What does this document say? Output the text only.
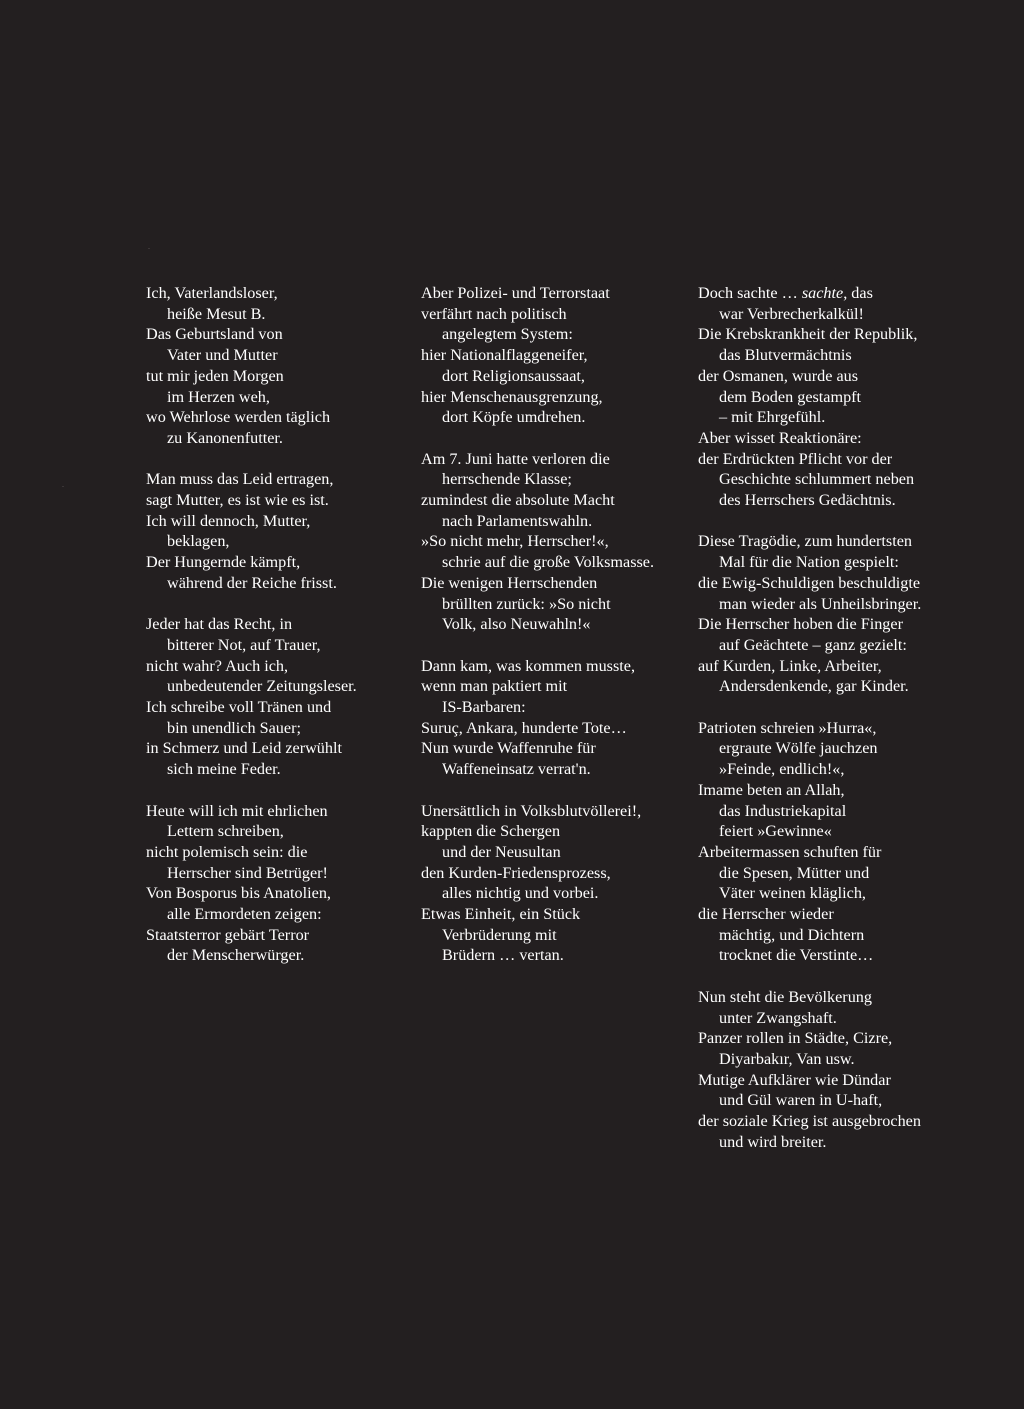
Ich, Vaterlandsloser,
heiße Mesut B.
Das Geburtsland von
Vater und Mutter
tut mir jeden Morgen
im Herzen weh,
wo Wehrlose werden täglich
zu Kanonenfutter.
Man muss das Leid ertragen,
sagt Mutter, es ist wie es ist.
Ich will dennoch, Mutter,
beklagen,
Der Hungernde kämpft,
während der Reiche frisst.
Jeder hat das Recht, in
bitterer Not, auf Trauer,
nicht wahr? Auch ich,
unbedeutender Zeitungsleser.
Ich schreibe voll Tränen und
bin unendlich Sauer;
in Schmerz und Leid zerwühlt
sich meine Feder.
Heute will ich mit ehrlichen
Lettern schreiben,
nicht polemisch sein: die
Herrscher sind Betrüger!
Von Bosporus bis Anatolien,
alle Ermordeten zeigen:
Staatsterror gebärt Terror
der Menscherwürger.
Aber Polizei- und Terrorstaat
verfährt nach politisch
angelegtem System:
hier Nationalflaggeneifer,
dort Religionsaussaat,
hier Menschenausgrenzung,
dort Köpfe umdrehen.
Am 7. Juni hatte verloren die
herrschende Klasse;
zumindest die absolute Macht
nach Parlamentswahln.
»So nicht mehr, Herrscher!«,
schrie auf die große Volksmasse.
Die wenigen Herrschenden
brüllten zurück: »So nicht
Volk, also Neuwahln!«
Dann kam, was kommen musste,
wenn man paktiert mit
IS-Barbaren:
Suruç, Ankara, hunderte Tote…
Nun wurde Waffenruhe für
Waffeneinsatz verrat'n.
Unersättlich in Volksblutvöllerei!,
kappten die Schergen
und der Neusultan
den Kurden-Friedensprozess,
alles nichtig und vorbei.
Etwas Einheit, ein Stück
Verbrüderung mit
Brüdern … vertan.
Doch sachte … sachte, das
war Verbrecherkalkül!
Die Krebskrankheit der Republik,
das Blutvermächtnis
der Osmanen, wurde aus
dem Boden gestampft
– mit Ehrgefühl.
Aber wisset Reaktionäre:
der Erdrückten Pflicht vor der
Geschichte schlummert neben
des Herrschers Gedächtnis.
Diese Tragödie, zum hundertsten
Mal für die Nation gespielt:
die Ewig-Schuldigen beschuldigte
man wieder als Unheilsbringer.
Die Herrscher hoben die Finger
auf Geächtete – ganz gezielt:
auf Kurden, Linke, Arbeiter,
Andersdenkende, gar Kinder.
Patrioten schreien »Hurra«,
ergraute Wölfe jauchzen
»Feinde, endlich!«,
Imame beten an Allah,
das Industriekapital
feiert »Gewinne«
Arbeitermassen schuften für
die Spesen, Mütter und
Väter weinen kläglich,
die Herrscher wieder
mächtig, und Dichtern
trocknet die Verstinte…
Nun steht die Bevölkerung
unter Zwangshaft.
Panzer rollen in Städte, Cizre,
Diyarbakır, Van usw.
Mutige Aufklärer wie Dündar
und Gül waren in U-haft,
der soziale Krieg ist ausgebrochen
und wird breiter.
